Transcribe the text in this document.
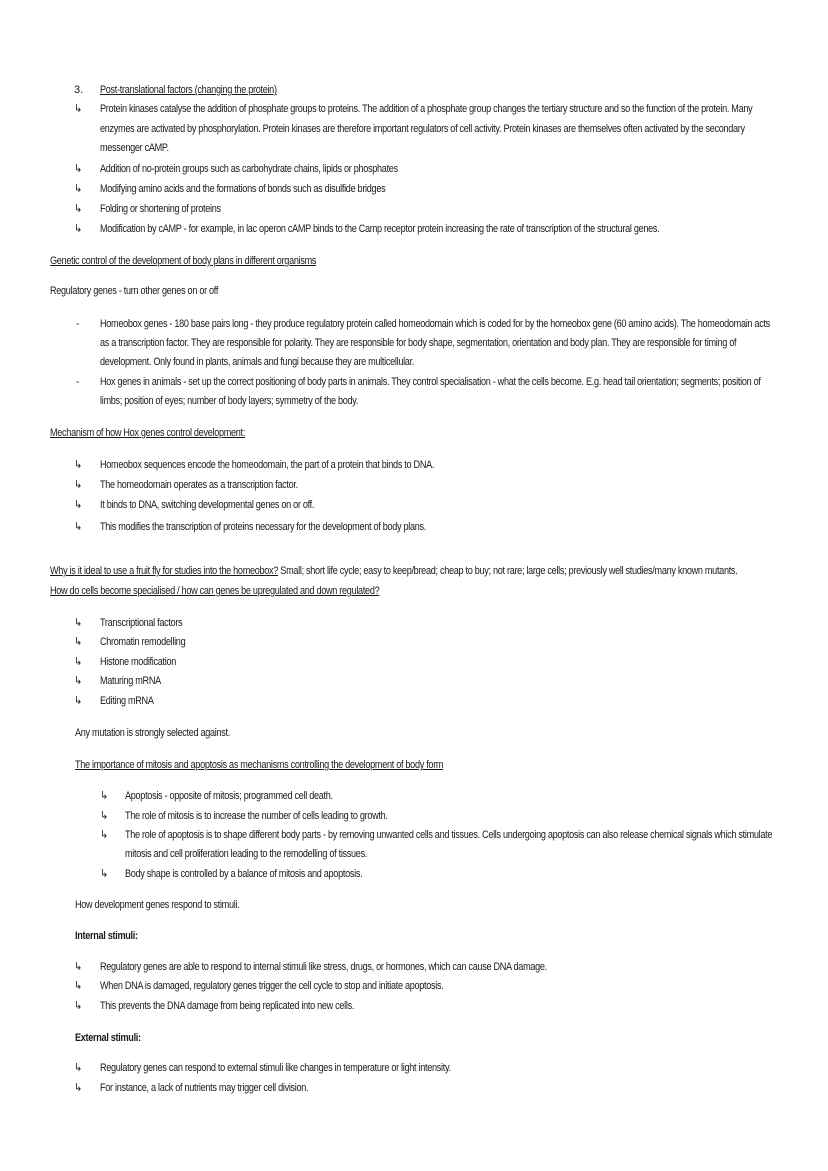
3. Post-translational factors (changing the protein)
↳ Protein kinases catalyse the addition of phosphate groups to proteins. The addition of a phosphate group changes the tertiary structure and so the function of the protein. Many
enzymes are activated by phosphorylation. Protein kinases are therefore important regulators of cell activity. Protein kinases are themselves often activated by the secondary
messenger cAMP.
↳ Addition of no-protein groups such as carbohydrate chains, lipids or phosphates
↳ Modifying amino acids and the formations of bonds such as disulfide bridges
↳ Folding or shortening of proteins
↳ Modification by cAMP - for example, in lac operon cAMP binds to the Camp receptor protein increasing the rate of transcription of the structural genes.
Genetic control of the development of body plans in different organisms
Regulatory genes - turn other genes on or off
- Homeobox genes - 180 base pairs long - they produce regulatory protein called homeodomain which is coded for by the homeobox gene (60 amino acids). The homeodomain acts
as a transcription factor. They are responsible for polarity. They are responsible for body shape, segmentation, orientation and body plan. They are responsible for timing of
development. Only found in plants, animals and fungi because they are multicellular.
- Hox genes in animals - set up the correct positioning of body parts in animals. They control specialisation - what the cells become. E.g. head tail orientation; segments; position of
limbs; position of eyes; number of body layers; symmetry of the body.
Mechanism of how Hox genes control development:
↳ Homeobox sequences encode the homeodomain, the part of a protein that binds to DNA.
↳ The homeodomain operates as a transcription factor.
↳ It binds to DNA, switching developmental genes on or off.
↳ This modifies the transcription of proteins necessary for the development of body plans.
Why is it ideal to use a fruit fly for studies into the homeobox? Small; short life cycle; easy to keep/bread; cheap to buy; not rare; large cells; previously well studies/many known mutants.
How do cells become specialised / how can genes be upregulated and down regulated?
↳ Transcriptional factors
↳ Chromatin remodelling
↳ Histone modification
↳ Maturing mRNA
↳ Editing mRNA
Any mutation is strongly selected against.
The importance of mitosis and apoptosis as mechanisms controlling the development of body form
↳ Apoptosis - opposite of mitosis; programmed cell death.
↳ The role of mitosis is to increase the number of cells leading to growth.
↳ The role of apoptosis is to shape different body parts - by removing unwanted cells and tissues. Cells undergoing apoptosis can also release chemical signals which stimulate
mitosis and cell proliferation leading to the remodelling of tissues.
↳ Body shape is controlled by a balance of mitosis and apoptosis.
How development genes respond to stimuli.
Internal stimuli:
↳ Regulatory genes are able to respond to internal stimuli like stress, drugs, or hormones, which can cause DNA damage.
↳ When DNA is damaged, regulatory genes trigger the cell cycle to stop and initiate apoptosis.
↳ This prevents the DNA damage from being replicated into new cells.
External stimuli:
↳ Regulatory genes can respond to external stimuli like changes in temperature or light intensity.
↳ For instance, a lack of nutrients may trigger cell division.
